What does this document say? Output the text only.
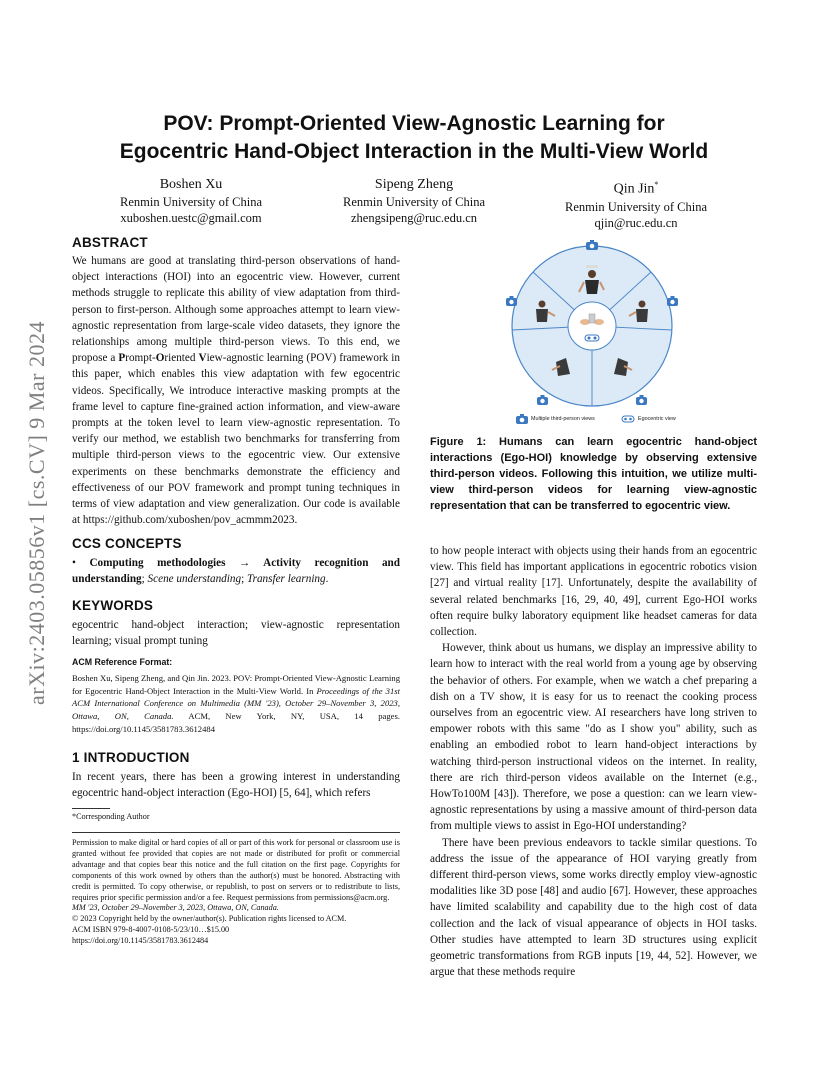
arXiv:2403.05856v1 [cs.CV] 9 Mar 2024
POV: Prompt-Oriented View-Agnostic Learning for
Egocentric Hand-Object Interaction in the Multi-View World
Boshen Xu
Renmin University of China
xuboshen.uestc@gmail.com
Sipeng Zheng
Renmin University of China
zhengsipeng@ruc.edu.cn
Qin Jin*
Renmin University of China
qjin@ruc.edu.cn
ABSTRACT

We humans are good at translating third-person observations of hand-object interactions (HOI) into an egocentric view. However, current methods struggle to replicate this ability of view adaptation from third-person to first-person. Although some approaches attempt to learn view-agnostic representation from large-scale video datasets, they ignore the relationships among multiple third-person views. To this end, we propose a Prompt-Oriented View-agnostic learning (POV) framework in this paper, which enables this view adaptation with few egocentric videos. Specifically, We introduce interactive masking prompts at the frame level to capture fine-grained action information, and view-aware prompts at the token level to learn view-agnostic representation. To verify our method, we establish two benchmarks for transferring from multiple third-person views to the egocentric view. Our extensive experiments on these benchmarks demonstrate the efficiency and effectiveness of our POV framework and prompt tuning techniques in terms of view adaptation and view generalization. Our code is available at https://github.com/xuboshen/pov_acmmm2023.

CCS CONCEPTS

• Computing methodologies → Activity recognition and understanding; Scene understanding; Transfer learning.

KEYWORDS
egocentric hand-object interaction; view-agnostic representation learning; visual prompt tuning
ACM Reference Format:

Boshen Xu, Sipeng Zheng, and Qin Jin. 2023. POV: Prompt-Oriented View-Agnostic Learning for Egocentric Hand-Object Interaction in the Multi-View World. In Proceedings of the 31st ACM International Conference on Multimedia (MM '23), October 29–November 3, 2023, Ottawa, ON, Canada. ACM, New York, NY, USA, 14 pages. https://doi.org/10.1145/3581783.3612484

1 INTRODUCTION
In recent years, there has been a growing interest in understanding egocentric hand-object interaction (Ego-HOI) [5, 64], which refers
*Corresponding Author

Permission to make digital or hard copies of all or part of this work for personal or classroom use is granted without fee provided that copies are not made or distributed for profit or commercial advantage and that copies bear this notice and the full citation on the first page. Copyrights for components of this work owned by others than the author(s) must be honored. Abstracting with credit is permitted. To copy otherwise, or republish, to post on servers or to redistribute to lists, requires prior specific permission and/or a fee. Request permissions from permissions@acm.org.

MM '23, October 29–November 3, 2023, Ottawa, ON, Canada.

© 2023 Copyright held by the owner/author(s). Publication rights licensed to ACM.

ACM ISBN 979-8-4007-0108-5/23/10…$15.00

https://doi.org/10.1145/3581783.3612484

Multiple third-person views	Egocentric view
Figure 1: Humans can learn egocentric hand-object interactions (Ego-HOI) knowledge by observing extensive third-person videos. Following this intuition, we utilize multi-view third-person videos for learning view-agnostic representation that can be transferred to egocentric view.

to how people interact with objects using their hands from an egocentric view. This field has important applications in egocentric robotics vision [27] and virtual reality [17]. Unfortunately, despite the availability of several related benchmarks [16, 29, 40, 49], current Ego-HOI works often require bulky laboratory equipment like headset cameras for data collection.

However, think about us humans, we display an impressive ability to learn how to interact with the real world from a young age by observing the behavior of others. For example, when we watch a chef preparing a dish on a TV show, it is easy for us to reenact the cooking process ourselves from an egocentric view. AI researchers have long striven to empower robots with this same "do as I show you" ability, such as enabling an embodied robot to learn hand-object interactions by watching third-person instructional videos on the internet. In reality, there are rich third-person videos available on the Internet (e.g., HowTo100M [43]). Therefore, we pose a question: can we learn view-agnostic representations by using a massive amount of third-person data from multiple views to assist in Ego-HOI understanding?

There have been previous endeavors to tackle similar questions. To address the issue of the appearance of HOI varying greatly from different third-person views, some works directly employ view-agnostic modalities like 3D pose [48] and audio [67]. However, these approaches have limited scalability and capability due to the high cost of data collection and the lack of visual appearance of objects in HOI tasks. Other studies have attempted to learn 3D structures using explicit geometric transformations from RGB inputs [19, 44, 52]. However, we argue that these methods require
